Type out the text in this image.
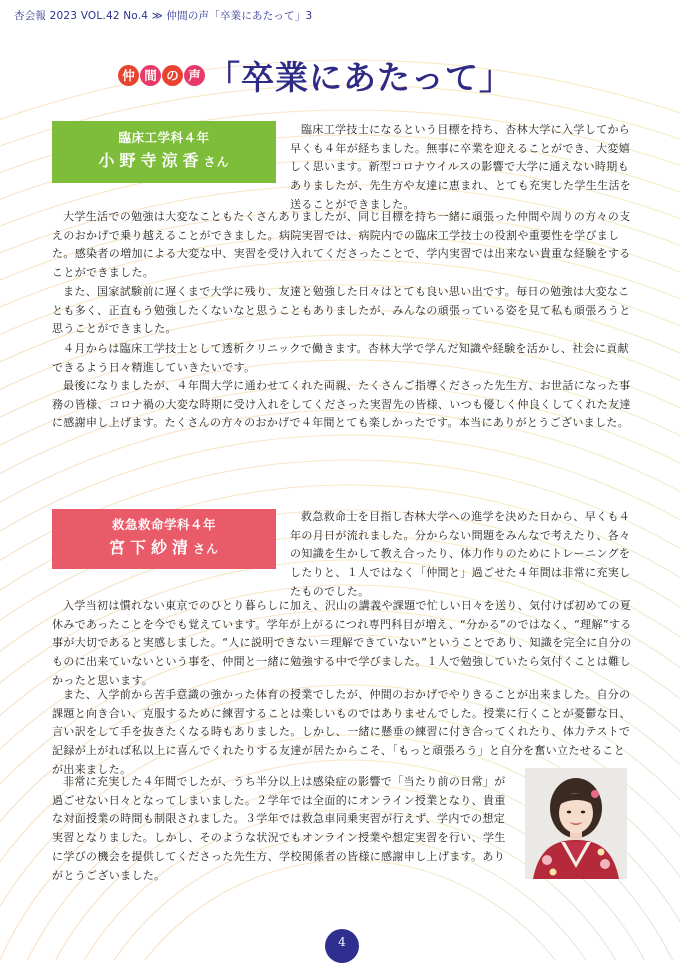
杏会報 2023 VOL.42 No.4 ≫ 仲間の声「卒業にあたって」3
仲 間 の 声 「卒業にあたって」
臨床工学科４年
小野寺涼香さん

臨床工学技士になるという目標を持ち、杏林大学に入学してから早くも４年が経ちました。無事に卒業を迎えることができ、大変嬉しく思います。新型コロナウイルスの影響で大学に通えない時期もありましたが、先生方や友達に恵まれ、とても充実した学生生活を送ることができました。

大学生活での勉強は大変なこともたくさんありましたが、同じ目標を持ち一緒に頑張った仲間や周りの方々の支えのおかげで乗り越えることができました。病院実習では、病院内での臨床工学技士の役割や重要性を学びました。感染者の増加による大変な中、実習を受け入れてくださったことで、学内実習では出来ない貴重な経験をすることができました。

また、国家試験前に遅くまで大学に残り、友達と勉強した日々はとても良い思い出です。毎日の勉強は大変なことも多く、正直もう勉強したくないなと思うこともありましたが、みんなの頑張っている姿を見て私も頑張ろうと思うことができました。

４月からは臨床工学技士として透析クリニックで働きます。杏林大学で学んだ知識や経験を活かし、社会に貢献できるよう日々精進していきたいです。

最後になりましたが、４年間大学に通わせてくれた両親、たくさんご指導くださった先生方、お世話になった事務の皆様、コロナ禍の大変な時期に受け入れをしてくださった実習先の皆様、いつも優しく仲良くしてくれた友達に感謝申し上げます。たくさんの方々のおかげで４年間とても楽しかったです。本当にありがとうございました。

救急救命学科４年
宮下紗清さん

救急救命士を目指し杏林大学への進学を決めた日から、早くも４年の月日が流れました。分からない問題をみんなで考えたり、各々の知識を生かして教え合ったり、体力作りのためにトレーニングをしたりと、１人ではなく「仲間と」過ごせた４年間は非常に充実したものでした。

入学当初は慣れない東京でのひとり暮らしに加え、沢山の講義や課題で忙しい日々を送り、気付けば初めての夏休みであったことを今でも覚えています。学年が上がるにつれ専門科目が増え、“分かる”のではなく、“理解”する事が大切であると実感しました。“人に説明できない＝理解できていない”ということであり、知識を完全に自分のものに出来ていないという事を、仲間と一緒に勉強する中で学びました。１人で勉強していたら気付くことは難しかったと思います。

また、入学前から苦手意識の強かった体育の授業でしたが、仲間のおかげでやりきることが出来ました。自分の課題と向き合い、克服するために練習することは楽しいものではありませんでした。授業に行くことが憂鬱な日、言い訳をして手を抜きたくなる時もありました。しかし、一緒に懸垂の練習に付き合ってくれたり、体力テストで記録が上がれば私以上に喜んでくれたりする友達が居たからこそ、「もっと頑張ろう」と自分を奮い立たせることが出来ました。

非常に充実した４年間でしたが、うち半分以上は感染症の影響で「当たり前の日常」が過ごせない日々となってしまいました。２学年では全面的にオンライン授業となり、貴重な対面授業の時間も制限されました。３学年では救急車同乗実習が行えず、学内での想定実習となりました。しかし、そのような状況でもオンライン授業や想定実習を行い、学生に学びの機会を提供してくださった先生方、学校関係者の皆様に感謝申し上げます。ありがとうございました。

4
